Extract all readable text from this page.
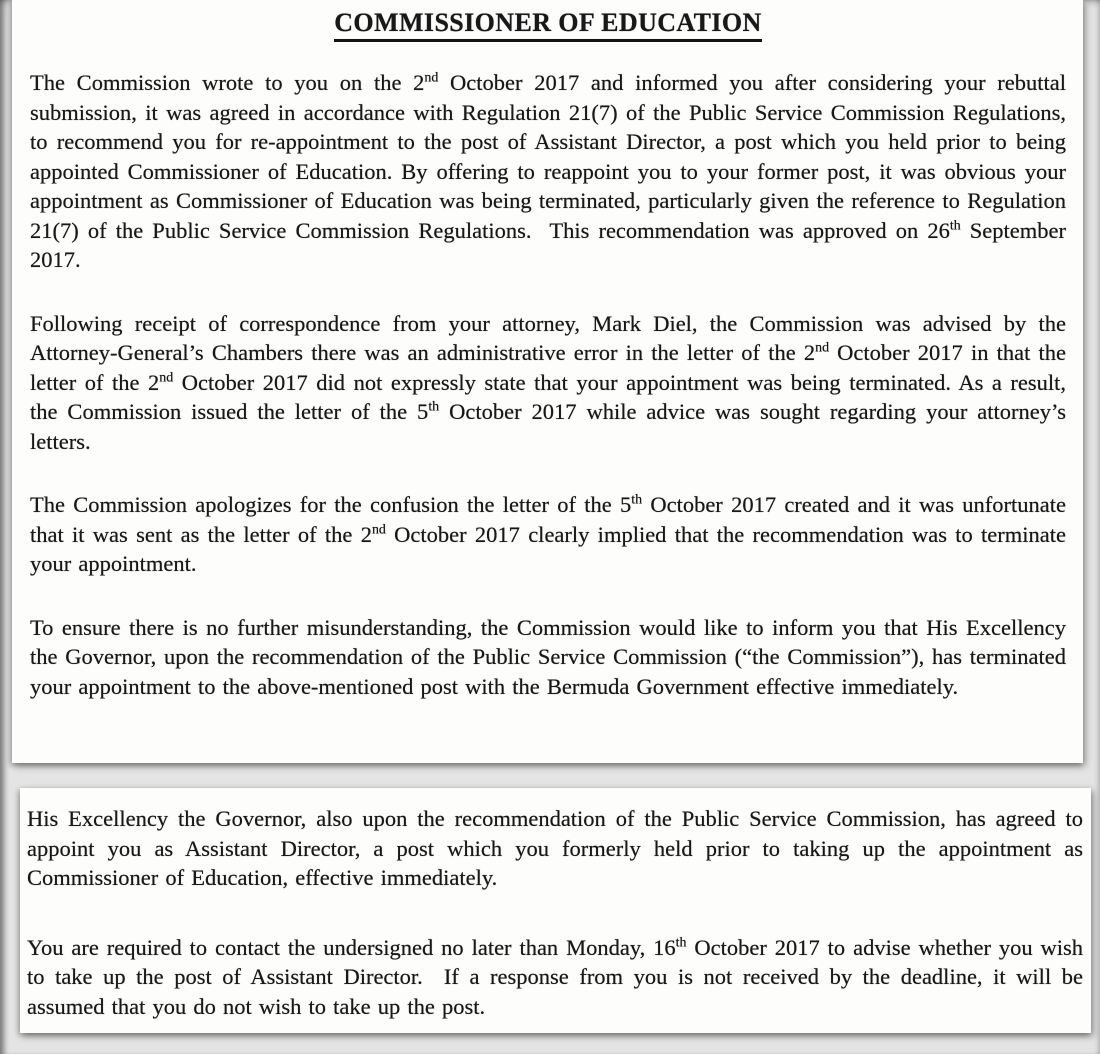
COMMISSIONER OF EDUCATION

The Commission wrote to you on the 2nd October 2017 and informed you after considering your rebuttal submission, it was agreed in accordance with Regulation 21(7) of the Public Service Commission Regulations, to recommend you for re-appointment to the post of Assistant Director, a post which you held prior to being appointed Commissioner of Education. By offering to reappoint you to your former post, it was obvious your appointment as Commissioner of Education was being terminated, particularly given the reference to Regulation 21(7) of the Public Service Commission Regulations.  This recommendation was approved on 26th September 2017.

Following receipt of correspondence from your attorney, Mark Diel, the Commission was advised by the Attorney-General’s Chambers there was an administrative error in the letter of the 2nd October 2017 in that the letter of the 2nd October 2017 did not expressly state that your appointment was being terminated. As a result, the Commission issued the letter of the 5th October 2017 while advice was sought regarding your attorney’s letters.

The Commission apologizes for the confusion the letter of the 5th October 2017 created and it was unfortunate that it was sent as the letter of the 2nd October 2017 clearly implied that the recommendation was to terminate your appointment.

To ensure there is no further misunderstanding, the Commission would like to inform you that His Excellency the Governor, upon the recommendation of the Public Service Commission (“the Commission”), has terminated your appointment to the above-mentioned post with the Bermuda Government effective immediately.

His Excellency the Governor, also upon the recommendation of the Public Service Commission, has agreed to appoint you as Assistant Director, a post which you formerly held prior to taking up the appointment as Commissioner of Education, effective immediately.

You are required to contact the undersigned no later than Monday, 16th October 2017 to advise whether you wish to take up the post of Assistant Director.  If a response from you is not received by the deadline, it will be assumed that you do not wish to take up the post.
